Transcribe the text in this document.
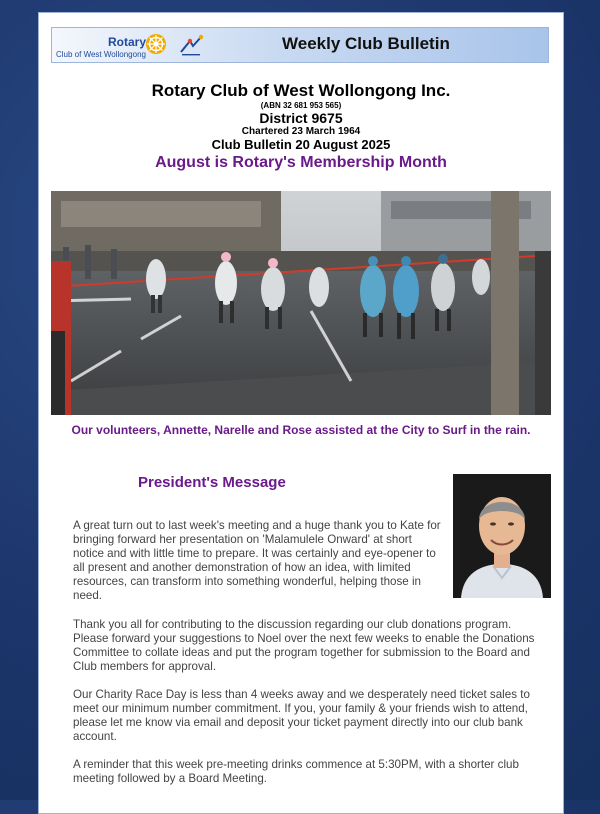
Rotary
Club of West Wollongong
Weekly Club Bulletin
Rotary Club of West Wollongong Inc.
(ABN 32 681 953 565)
District 9675
Chartered 23 March 1964
Club Bulletin 20 August 2025
August is Rotary's Membership Month
Our volunteers, Annette, Narelle and Rose assisted at the City to Surf in the rain.
President's Message
A great turn out to last week's meeting and a huge thank you to Kate for bringing forward her presentation on 'Malamulele Onward' at short notice and with little time to prepare. It was certainly and eye-opener to all present and another demonstration of how an idea, with limited resources, can transform into something wonderful, helping those in need.
Thank you all for contributing to the discussion regarding our club donations program. Please forward your suggestions to Noel over the next few weeks to enable the Donations Committee to collate ideas and put the program together for submission to the Board and Club members for approval.
Our Charity Race Day is less than 4 weeks away and we desperately need ticket sales to meet our minimum number commitment. If you, your family & your friends wish to attend, please let me know via email and deposit your ticket payment directly into our club bank account.
A reminder that this week pre-meeting drinks commence at 5:30PM, with a shorter club meeting followed by a Board Meeting.
